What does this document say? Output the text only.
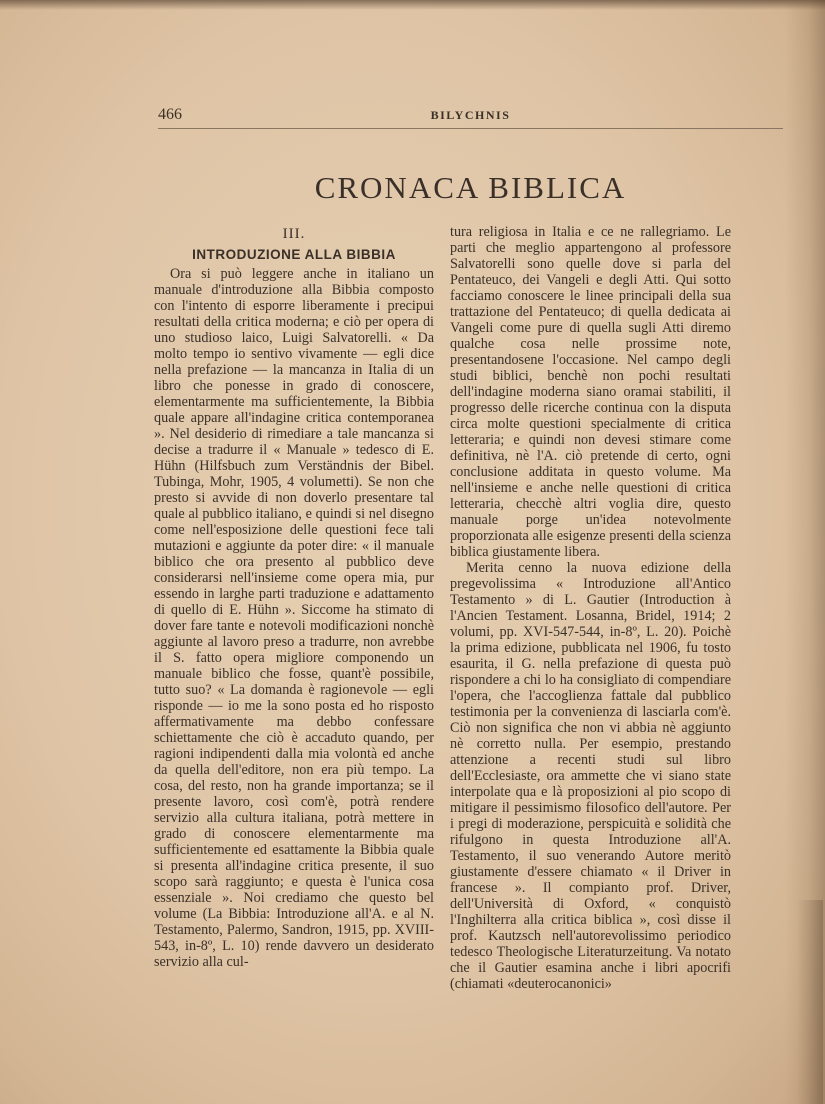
466	BILYCHNIS
CRONACA BIBLICA
III.
INTRODUZIONE ALLA BIBBIA

Ora si può leggere anche in italiano un manuale d'introduzione alla Bibbia composto con l'intento di esporre liberamente i precipui resultati della critica moderna; e ciò per opera di uno studioso laico, Luigi Salvatorelli. « Da molto tempo io sentivo vivamente — egli dice nella prefazione — la mancanza in Italia di un libro che ponesse in grado di conoscere, elementarmente ma sufficientemente, la Bibbia quale appare all'indagine critica contemporanea ». Nel desiderio di rimediare a tale mancanza si decise a tradurre il « Manuale » tedesco di E. Hühn (Hilfsbuch zum Verständnis der Bibel. Tubinga, Mohr, 1905, 4 volumetti). Se non che presto si avvide di non doverlo presentare tal quale al pubblico italiano, e quindi si nel disegno come nell'esposizione delle questioni fece tali mutazioni e aggiunte da poter dire: « il manuale biblico che ora presento al pubblico deve considerarsi nell'insieme come opera mia, pur essendo in larghe parti traduzione e adattamento di quello di E. Hühn ». Siccome ha stimato di dover fare tante e notevoli modificazioni nonchè aggiunte al lavoro preso a tradurre, non avrebbe il S. fatto opera migliore componendo un manuale biblico che fosse, quant'è possibile, tutto suo? « La domanda è ragionevole — egli risponde — io me la sono posta ed ho risposto affermativamente ma debbo confessare schiettamente che ciò è accaduto quando, per ragioni indipendenti dalla mia volontà ed anche da quella dell'editore, non era più tempo. La cosa, del resto, non ha grande importanza; se il presente lavoro, così com'è, potrà rendere servizio alla cultura italiana, potrà mettere in grado di conoscere elementarmente ma sufficientemente ed esattamente la Bibbia quale si presenta all'indagine critica presente, il suo scopo sarà raggiunto; e questa è l'unica cosa essenziale ». Noi crediamo che questo bel volume (La Bibbia: Introduzione all'A. e al N. Testamento, Palermo, Sandron, 1915, pp. XVIII-543, in-8º, L. 10) rende davvero un desiderato servizio alla cul-

tura religiosa in Italia e ce ne rallegriamo. Le parti che meglio appartengono al professore Salvatorelli sono quelle dove si parla del Pentateuco, dei Vangeli e degli Atti. Qui sotto facciamo conoscere le linee principali della sua trattazione del Pentateuco; di quella dedicata ai Vangeli come pure di quella sugli Atti diremo qualche cosa nelle prossime note, presentandosene l'occasione. Nel campo degli studi biblici, benchè non pochi resultati dell'indagine moderna siano oramai stabiliti, il progresso delle ricerche continua con la disputa circa molte questioni specialmente di critica letteraria; e quindi non devesi stimare come definitiva, nè l'A. ciò pretende di certo, ogni conclusione additata in questo volume. Ma nell'insieme e anche nelle questioni di critica letteraria, checchè altri voglia dire, questo manuale porge un'idea notevolmente proporzionata alle esigenze presenti della scienza biblica giustamente libera.

Merita cenno la nuova edizione della pregevolissima « Introduzione all'Antico Testamento » di L. Gautier (Introduction à l'Ancien Testament. Losanna, Bridel, 1914; 2 volumi, pp. XVI-547-544, in-8º, L. 20). Poichè la prima edizione, pubblicata nel 1906, fu tosto esaurita, il G. nella prefazione di questa può rispondere a chi lo ha consigliato di compendiare l'opera, che l'accoglienza fattale dal pubblico testimonia per la convenienza di lasciarla com'è. Ciò non significa che non vi abbia nè aggiunto nè corretto nulla. Per esempio, prestando attenzione a recenti studi sul libro dell'Ecclesiaste, ora ammette che vi siano state interpolate qua e là proposizioni al pio scopo di mitigare il pessimismo filosofico dell'autore. Per i pregi di moderazione, perspicuità e solidità che rifulgono in questa Introduzione all'A. Testamento, il suo venerando Autore meritò giustamente d'essere chiamato « il Driver in francese ». Il compianto prof. Driver, dell'Università di Oxford, « conquistò l'Inghilterra alla critica biblica », così disse il prof. Kautzsch nell'autorevolissimo periodico tedesco Theologische Literaturzeitung. Va notato che il Gautier esamina anche i libri apocrifi (chiamati «deuterocanonici»
